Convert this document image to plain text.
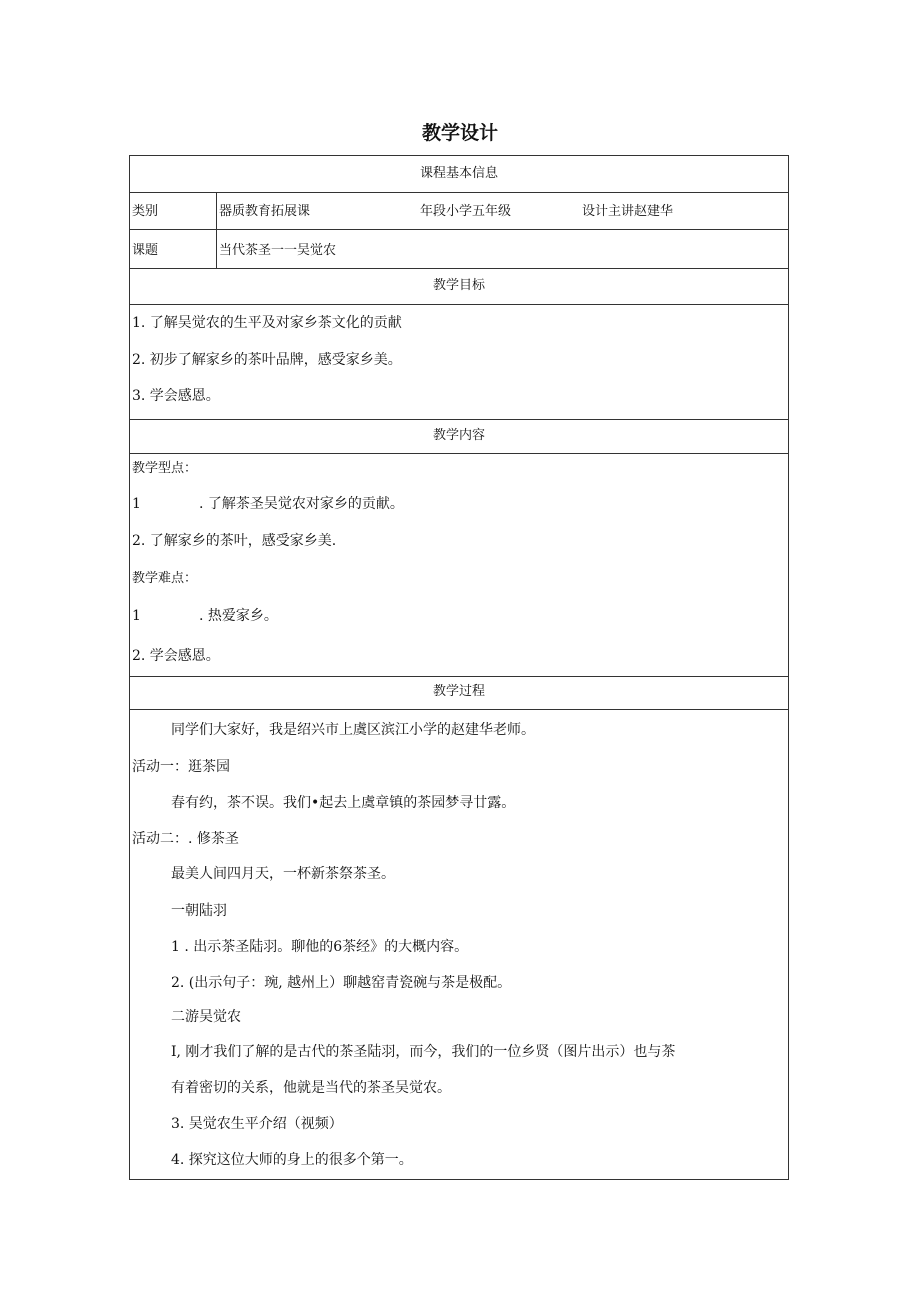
教学设计
课程基本信息
类别	器质教育拓展课	年段小学五年级	设计主讲赵建华
课题	当代茶圣一一吴觉农
教学目标
1. 了解吴觉农的生平及对家乡茶文化的贡献
2. 初步了解家乡的茶叶品牌，感受家乡美。
3. 学会感恩。
教学内容
教学型点：
1	. 了解茶圣吴觉农对家乡的贡献。
2. 了解家乡的茶叶，感受家乡美.
教学难点：
1	. 热爱家乡。
2. 学会感恩。
教学过程
同学们大家好，我是绍兴市上虞区滨江小学的赵建华老师。
活动一：逛茶园
春有约，茶不误。我们•起去上虞章镇的茶园梦寻廿露。
活动二：. 修茶圣
最美人间四月天，一杯新茶祭茶圣。
一朝陆羽
1 . 出示茶圣陆羽。聊他的6茶经》的大概内容。
2. (出示句子：琬, 越州上）聊越窑青瓷碗与茶是极配。
二游吴觉农
I, 刚才我们了解的是古代的茶圣陆羽，而今，我们的一位乡贤（图片出示）也与茶
有着密切的关系，他就是当代的茶圣吴觉农。
3. 吴觉农生平介绍（视频）
4. 探究这位大师的身上的很多个第一。
